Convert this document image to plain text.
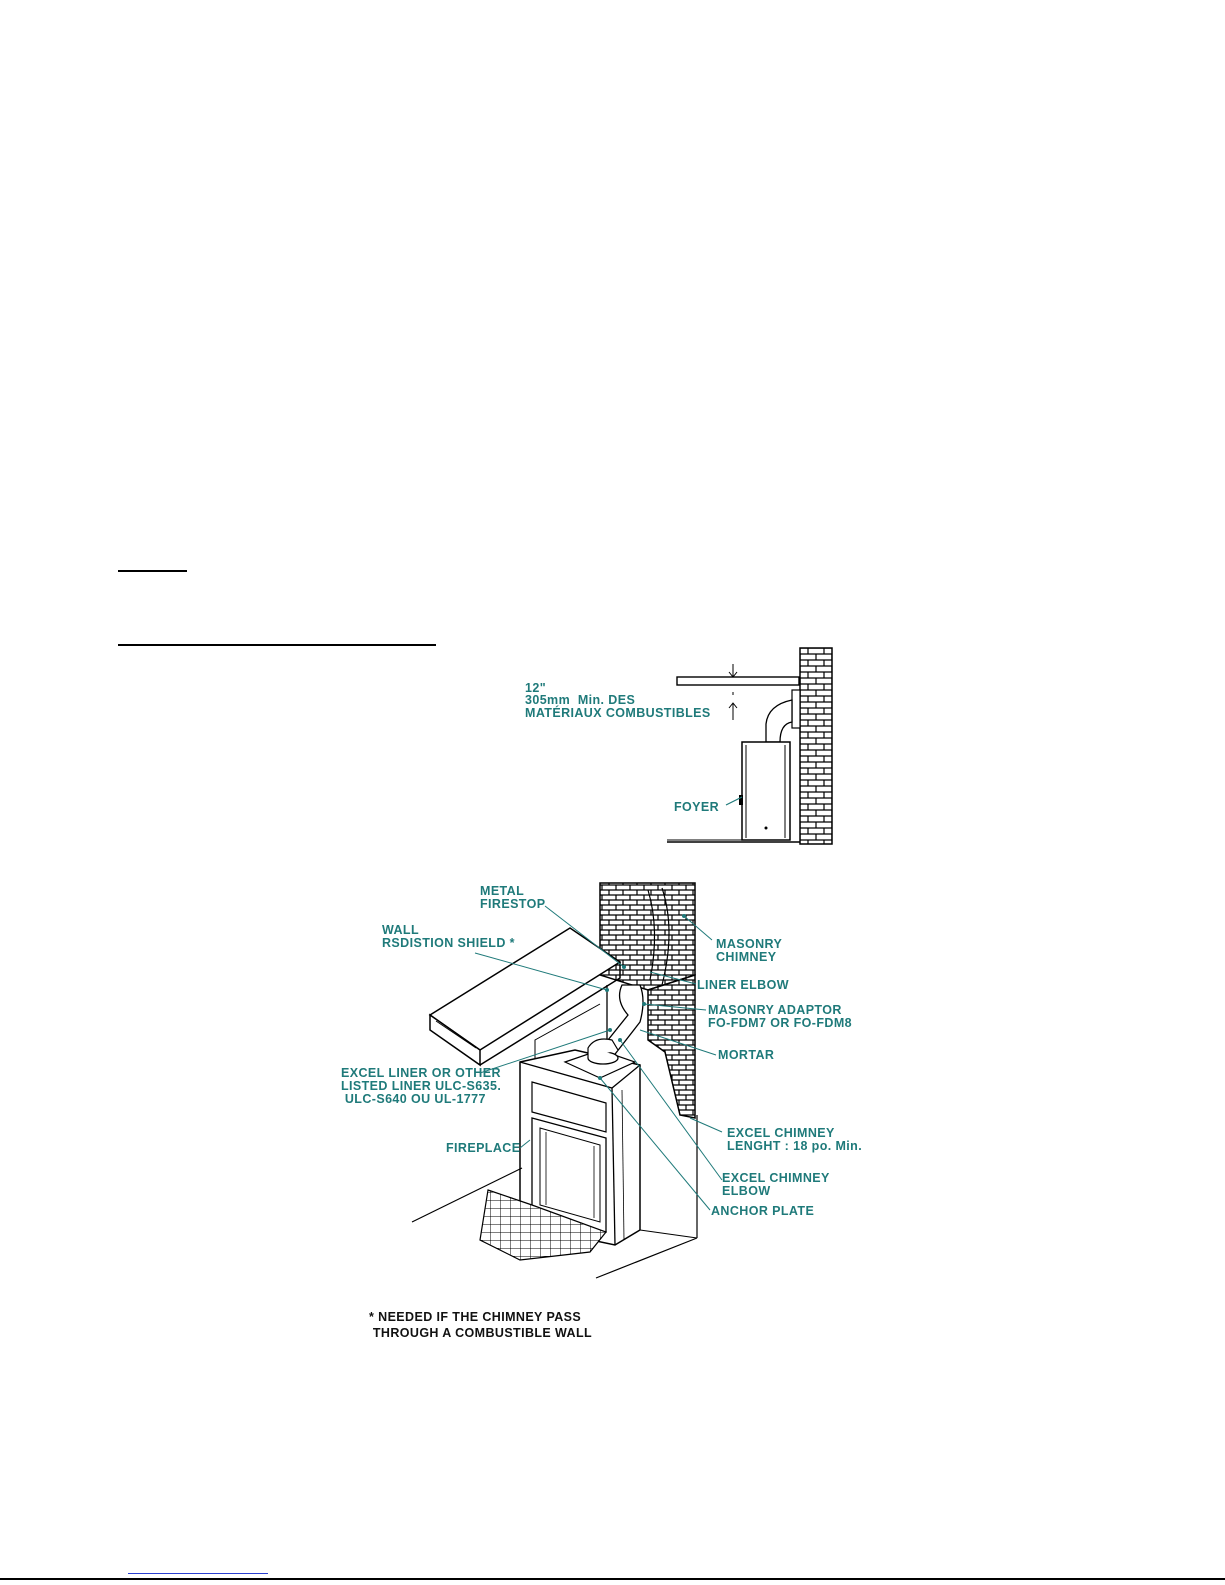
12"
305mm  Min. DES
MATÉRIAUX COMBUSTIBLES
FOYER
METAL
FIRESTOP
WALL
RSDISTION SHIELD *	MASONRY
CHIMNEY
LINER ELBOW
MASONRY ADAPTOR
FO-FDM7 OR FO-FDM8
MORTAR
EXCEL LINER OR OTHER
LISTED LINER ULC-S635.
ULC-S640 OU UL-1777
FIREPLACE
EXCEL CHIMNEY
LENGHT : 18 po. Min.
EXCEL CHIMNEY
ELBOW
ANCHOR PLATE
* NEEDED IF THE CHIMNEY PASS
THROUGH A COMBUSTIBLE WALL
